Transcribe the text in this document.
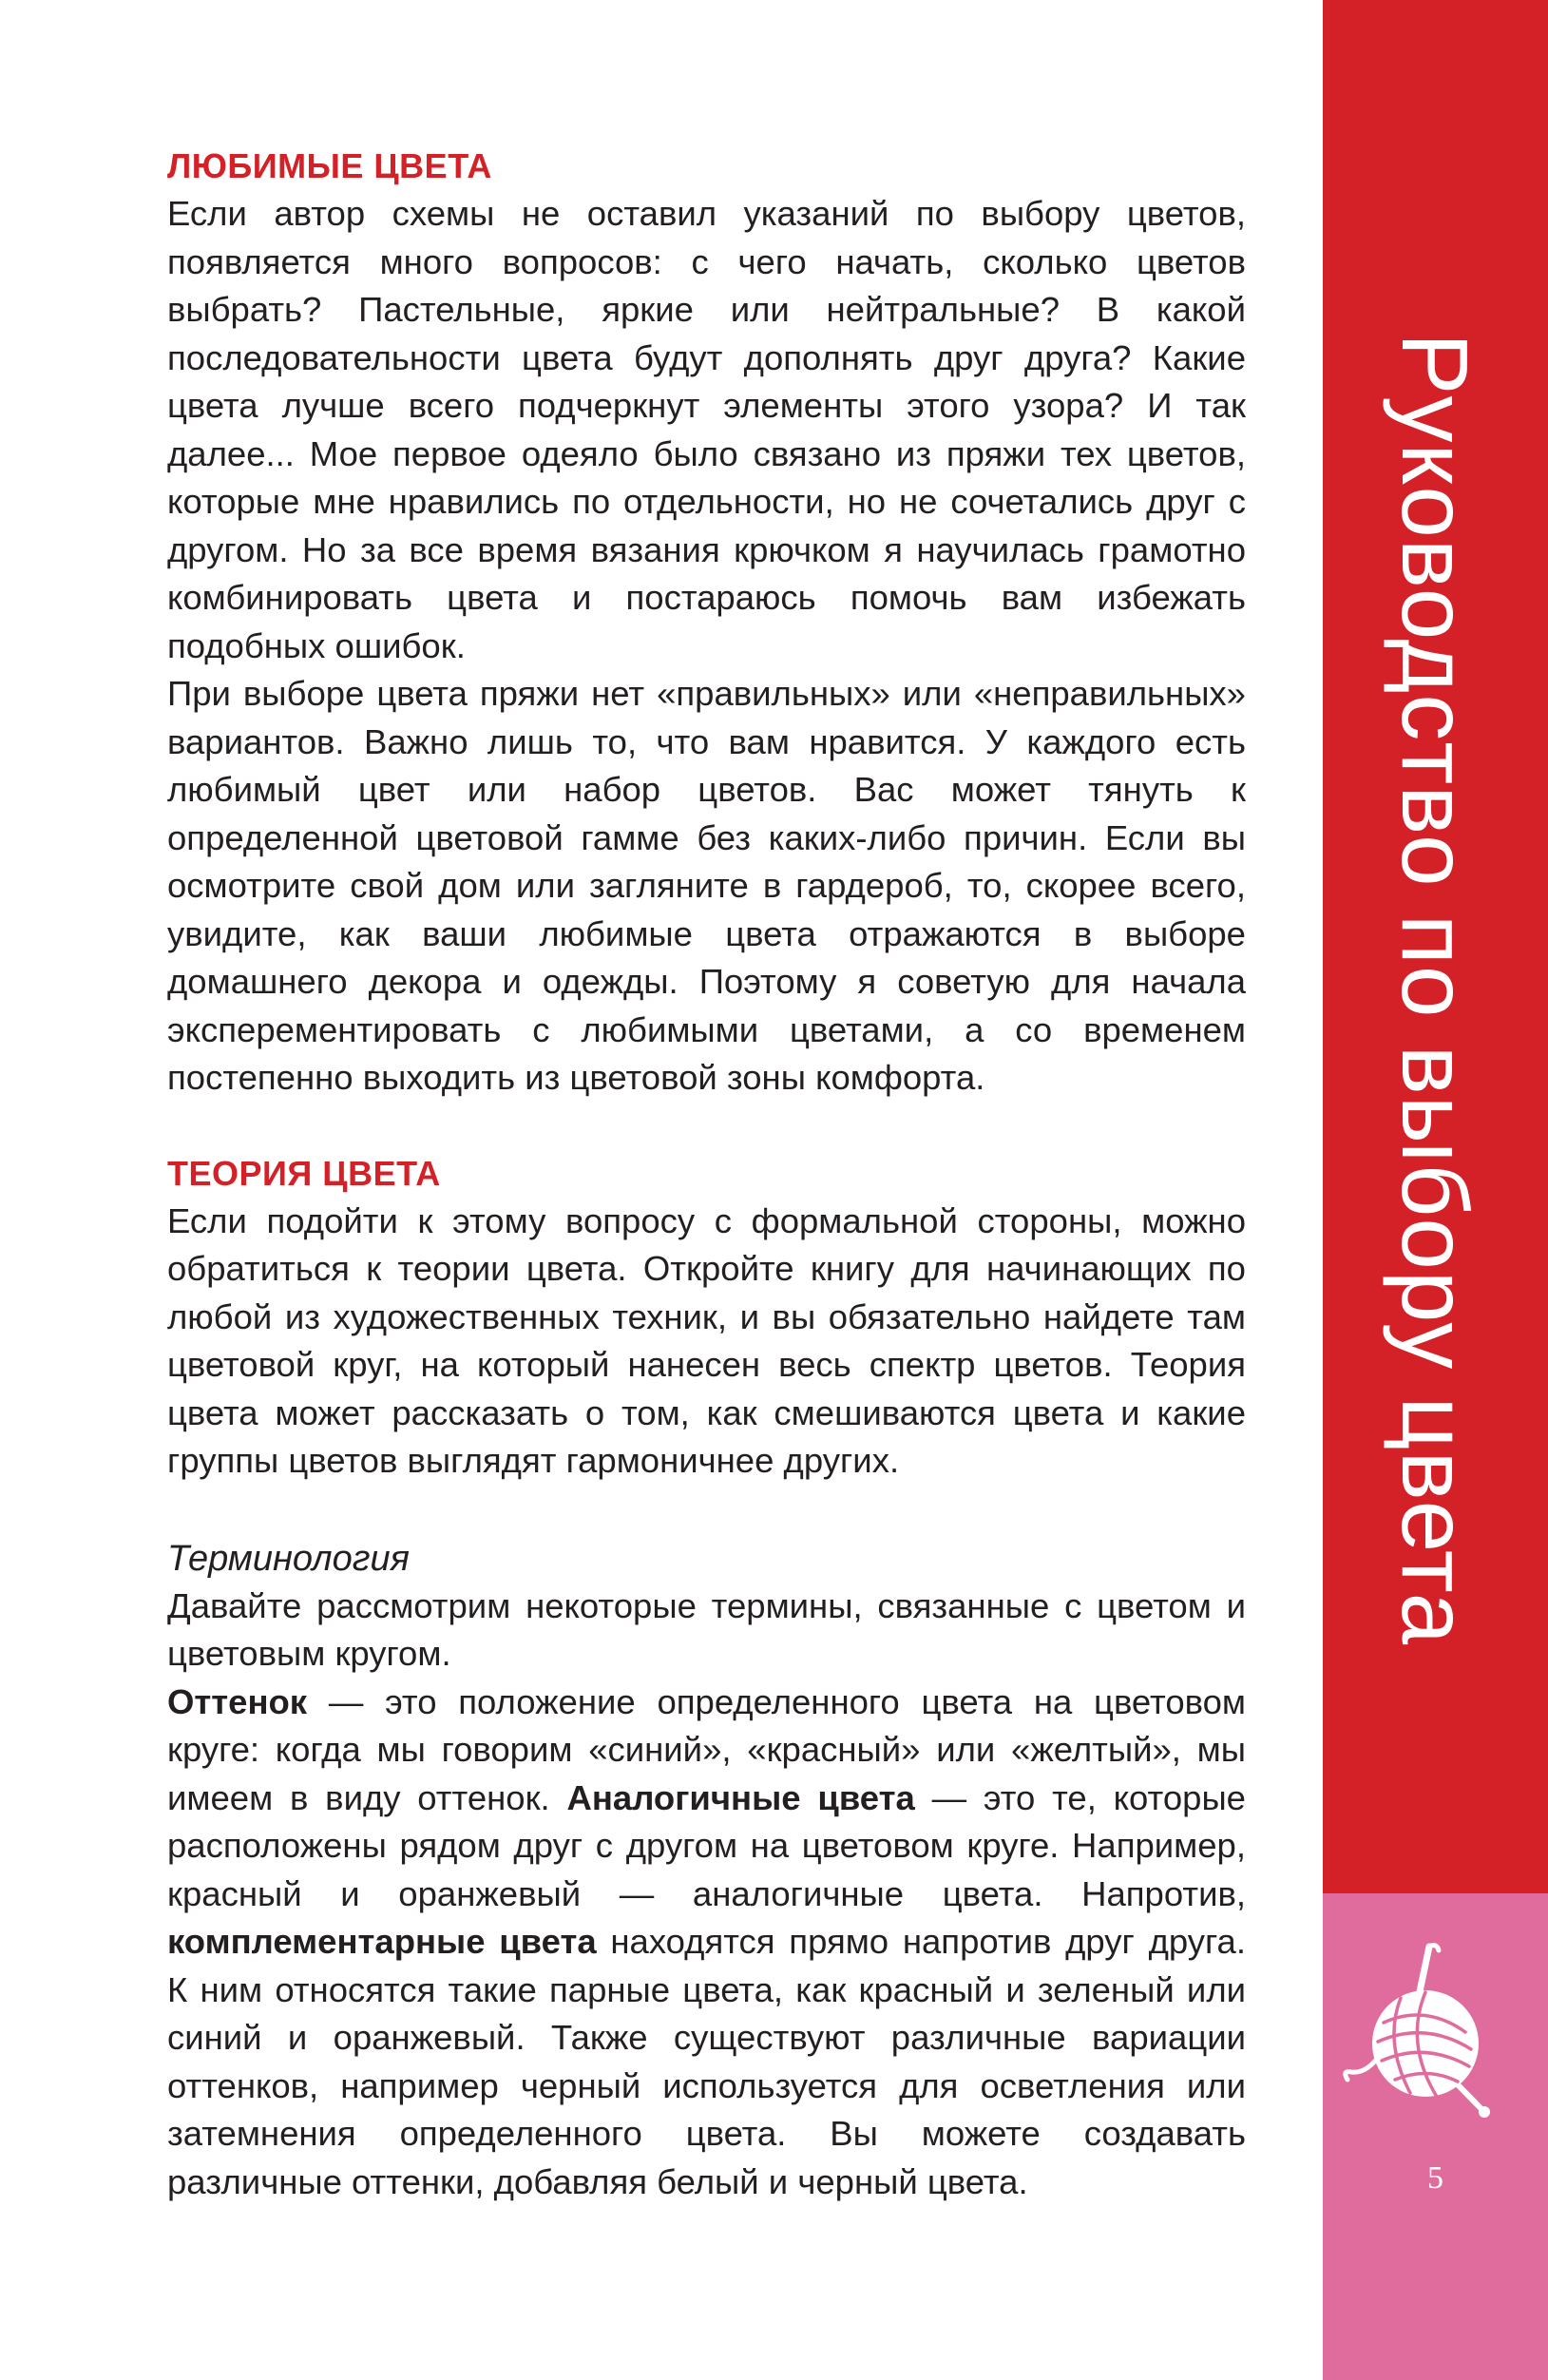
ЛЮБИМЫЕ ЦВЕТА

Если автор схемы не оставил указаний по выбору цветов, появляется много вопросов: с чего начать, сколько цветов выбрать? Пастельные, яркие или нейтральные? В какой последовательности цвета будут дополнять друг друга? Какие цвета лучше всего подчеркнут элементы этого узора? И так далее... Мое первое одеяло было связано из пряжи тех цветов, которые мне нравились по отдельности, но не сочетались друг с другом. Но за все время вязания крючком я научилась грамотно комбинировать цвета и постараюсь помочь вам избежать подобных ошибок.

При выборе цвета пряжи нет «правильных» или «неправильных» вариантов. Важно лишь то, что вам нравится. У каждого есть любимый цвет или набор цветов. Вас может тянуть к определенной цветовой гамме без каких-либо причин. Если вы осмотрите свой дом или загляните в гардероб, то, скорее всего, увидите, как ваши любимые цвета отражаются в выборе домашнего декора и одежды. Поэтому я советую для начала эксперементировать с любимыми цветами, а со временем постепенно выходить из цветовой зоны комфорта.

ТЕОРИЯ ЦВЕТА

Если подойти к этому вопросу с формальной стороны, можно обратиться к теории цвета. Откройте книгу для начинающих по любой из художественных техник, и вы обязательно найдете там цветовой круг, на который нанесен весь спектр цветов. Теория цвета может рассказать о том, как смешиваются цвета и какие группы цветов выглядят гармоничнее других.

Терминология

Давайте рассмотрим некоторые термины, связанные с цветом и цветовым кругом.

Оттенок — это положение определенного цвета на цветовом круге: когда мы говорим «синий», «красный» или «желтый», мы имеем в виду оттенок. Аналогичные цвета — это те, которые расположены рядом друг с другом на цветовом круге. Например, красный и оранжевый — аналогичные цвета. Напротив, комплементарные цвета находятся прямо напротив друг друга. К ним относятся такие парные цвета, как красный и зеленый или синий и оранжевый. Также существуют различные вариации оттенков, например черный используется для осветления или затемнения определенного цвета. Вы можете создавать различные оттенки, добавляя белый и черный цвета.

Руководство по выбору цвета
5
